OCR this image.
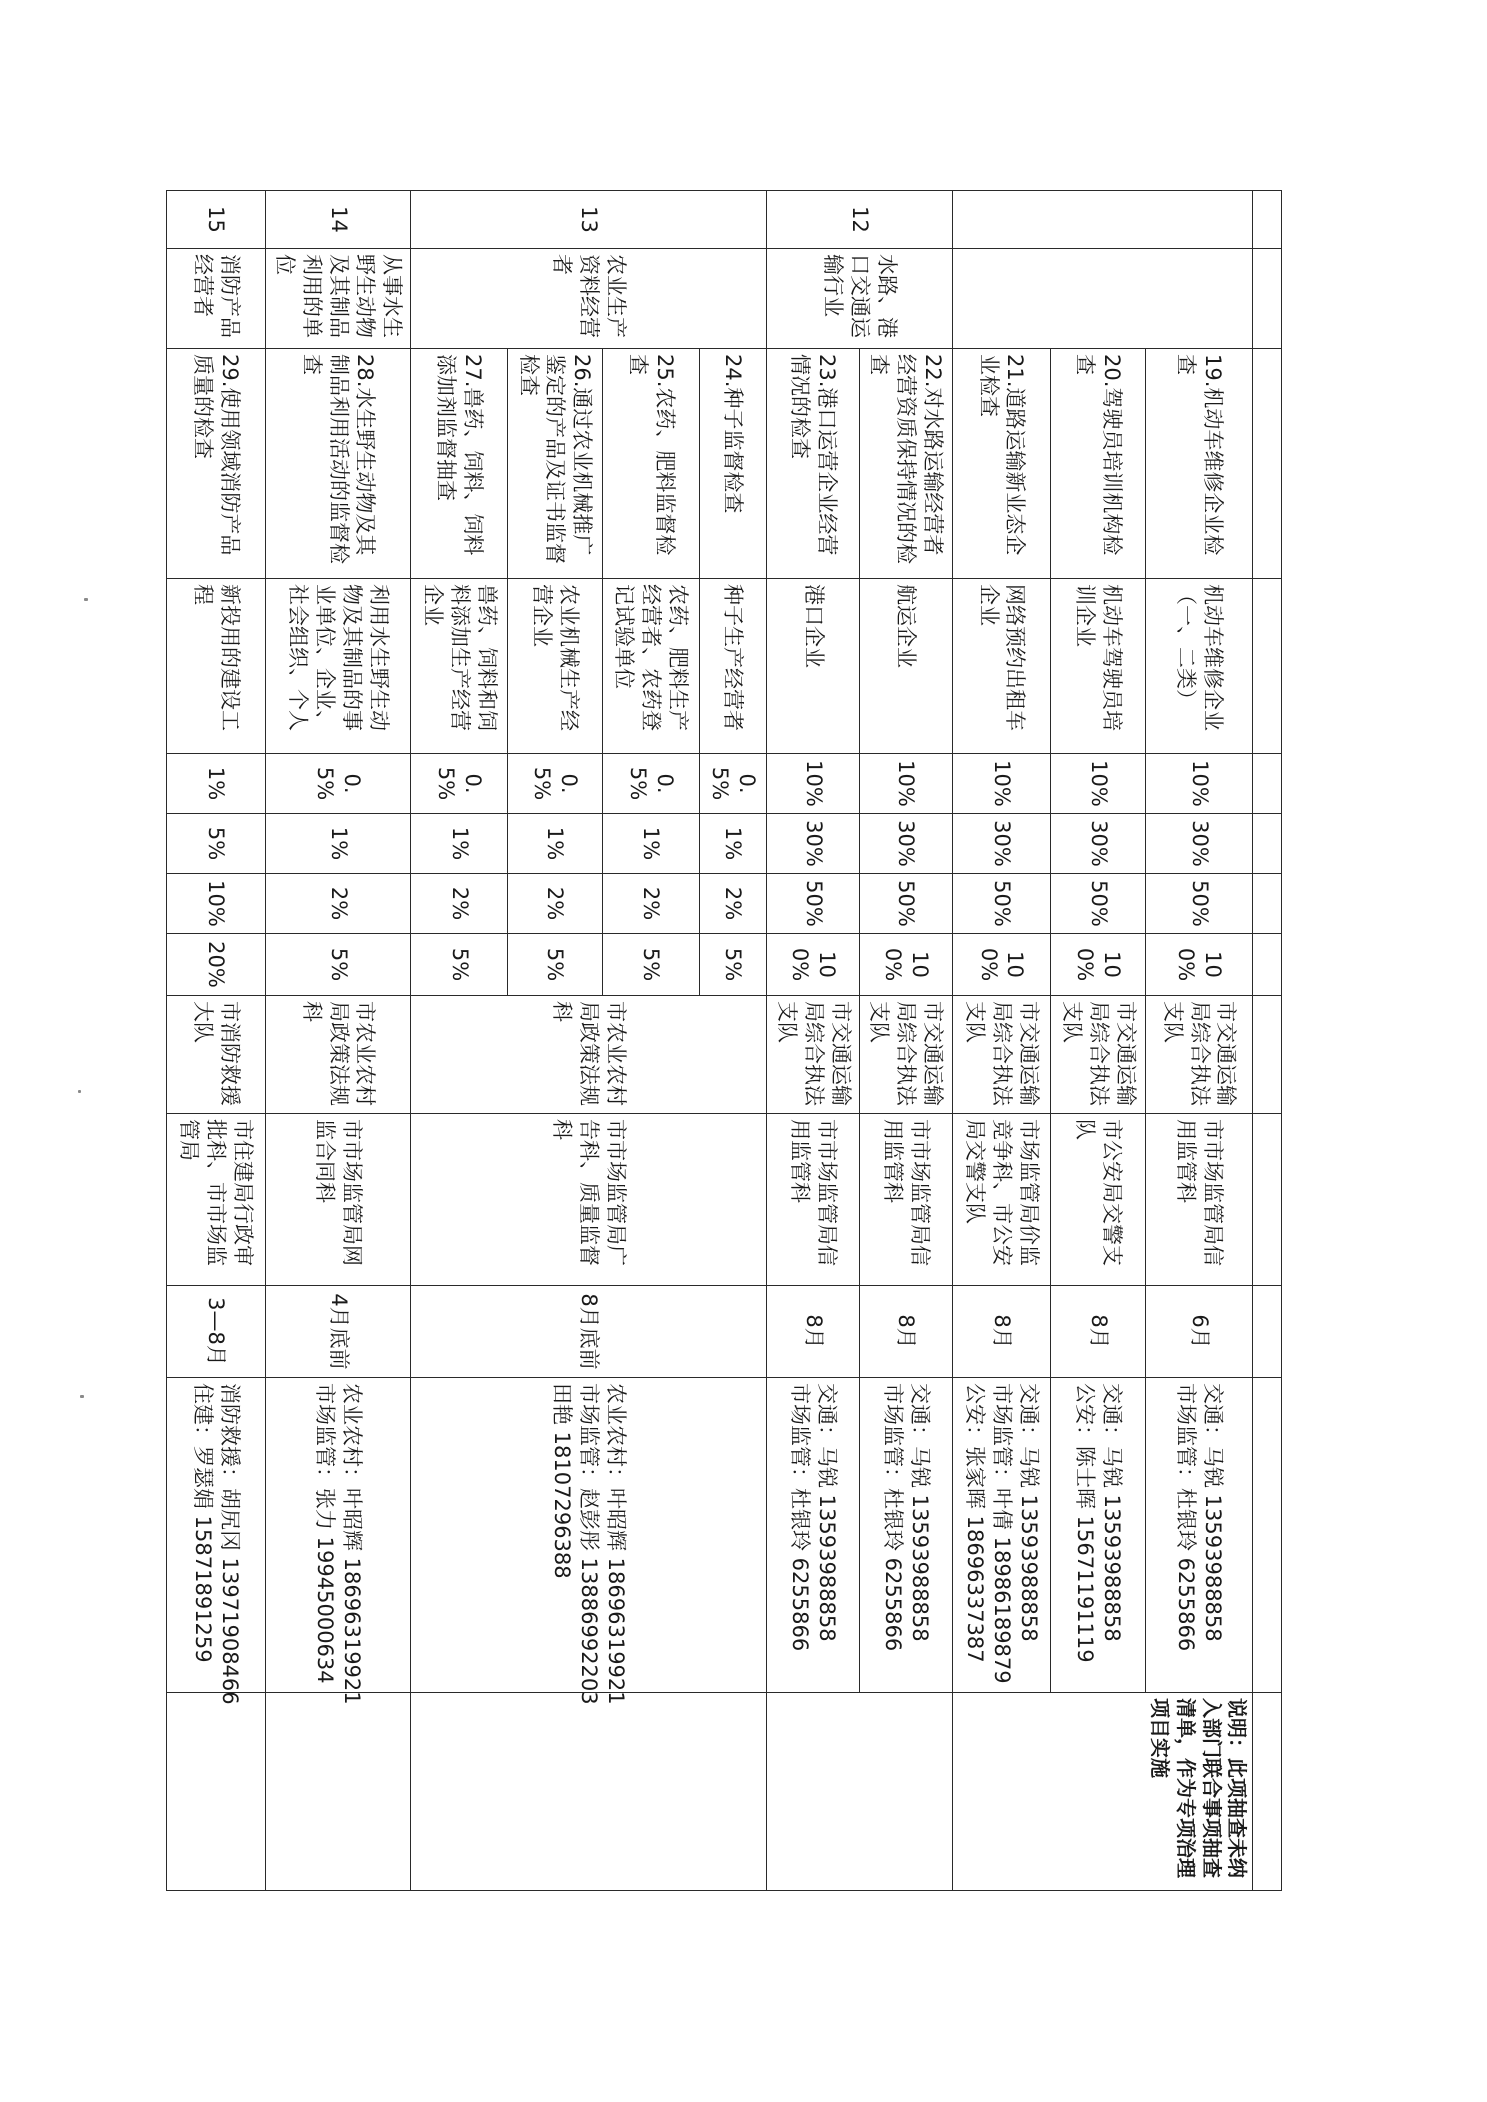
		19.机动车维修企业检查	机动车维修企业（一、二类）	10%	30%	50%	100%	市交通运输局综合执法支队	市市场监管局信用监管科	6月	交通：马锐 13593988858
市场监管：杜银玲 6255866	说明：此项抽查未纳入部门联合事项抽查清单，作为专项治理项目实施
		20.驾驶员培训机构检查	机动车驾驶员培训企业	10%	30%	50%	100%	市交通运输局综合执法支队	市公安局交警支队	8月	交通：马锐 13593988858
公安：陈士晖 15671191119	

		21.道路运输新业态企业检查	网络预约出租车企业	10%	30%	50%	100%	市交通运输局综合执法支队	市场监管局价监竞争科、市公安局交警支队	8月	交通：马锐 13593988858
市场监管：叶倩 18986189879
公安：张家晖 18696337387	

12	水路、港口交通运输行业	22.对水路运输经营者经营资质保持情况的检查	航运企业	10%	30%	50%	100%	市交通运输局综合执法支队	市市场监管局信用监管科	8月	交通：马锐 13593988858
市场监管：杜银玲 6255866	

		23.港口运营企业经营情况的检查	港口企业	10%	30%	50%	100%	市交通运输局综合执法支队	市市场监管局信用监管科	8月	交通：马锐 13593988858
市场监管：杜银玲 6255866	

13	农业生产资料经营者	24.种子监督检查	种子生产经营者	0.5%	1%	2%	5%	市农业农村局政策法规科	市市场监管局广告科、质量监督科	8月底前	农业农村：叶昭辉 18696319921
市场监管：赵彭彤 13886992203
田艳 18107296388	

		25.农药、肥料监督检查	农药、肥料生产经营者、农药登记试验单位	0.5%	1%	2%	5%					
		26.通过农业机械推广鉴定的产品及证书监督检查	农业机械生产经营企业	0.5%	1%	2%	5%					
		27.兽药、饲料、饲料添加剂监督抽查	兽药、饲料和饲料添加生产经营企业	0.5%	1%	2%	5%					
14	从事水生野生动物及其制品利用的单位	28.水生野生动物及其制品利用活动的监督检查	利用水生野生动物及其制品的事业单位、企业、社会组织、个人	0.5%	1%	2%	5%	市农业农村局政策法规科	市市场监管局网监合同科	4月底前	农业农村：叶昭辉 18696319921
市场监管：张力 19945000634	

15	消防产品经营者	29.使用领域消防产品质量的检查	新投用的建设工程	1%	5%	10%	20%	市消防救援大队	市住建局行政审批科、市市场监管局	3—8月	消防救援：胡尻冈 13971908466
住建：罗瑟娟 15871891259	
